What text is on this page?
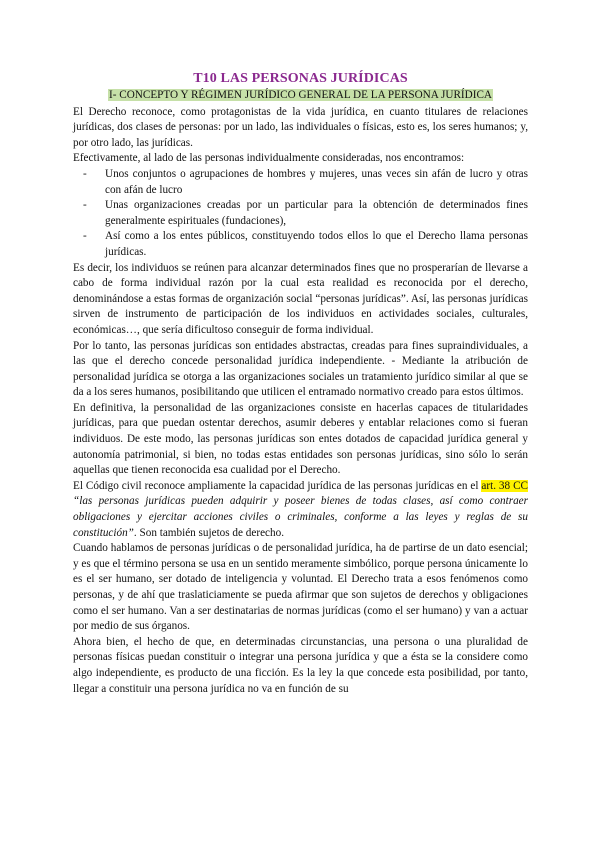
T10 LAS PERSONAS JURÍDICAS
I- CONCEPTO Y RÉGIMEN JURÍDICO GENERAL DE LA PERSONA JURÍDICA

El Derecho reconoce, como protagonistas de la vida jurídica, en cuanto titulares de relaciones jurídicas, dos clases de personas: por un lado, las individuales o físicas, esto es, los seres humanos; y, por otro lado, las jurídicas.

Efectivamente, al lado de las personas individualmente consideradas, nos encontramos:

- Unos conjuntos o agrupaciones de hombres y mujeres, unas veces sin afán de lucro y otras con afán de lucro
- Unas organizaciones creadas por un particular para la obtención de determinados fines generalmente espirituales (fundaciones),
- Así como a los entes públicos, constituyendo todos ellos lo que el Derecho llama personas jurídicas.

Es decir, los individuos se reúnen para alcanzar determinados fines que no prosperarían de llevarse a cabo de forma individual razón por la cual esta realidad es reconocida por el derecho, denominándose a estas formas de organización social “personas jurídicas”. Así, las personas jurídicas sirven de instrumento de participación de los individuos en actividades sociales, culturales, económicas…, que sería dificultoso conseguir de forma individual.

Por lo tanto, las personas jurídicas son entidades abstractas, creadas para fines supraindividuales, a las que el derecho concede personalidad jurídica independiente. - Mediante la atribución de personalidad jurídica se otorga a las organizaciones sociales un tratamiento jurídico similar al que se da a los seres humanos, posibilitando que utilicen el entramado normativo creado para estos últimos.

En definitiva, la personalidad de las organizaciones consiste en hacerlas capaces de titularidades jurídicas, para que puedan ostentar derechos, asumir deberes y entablar relaciones como si fueran individuos. De este modo, las personas jurídicas son entes dotados de capacidad jurídica general y autonomía patrimonial, si bien, no todas estas entidades son personas jurídicas, sino sólo lo serán aquellas que tienen reconocida esa cualidad por el Derecho.

El Código civil reconoce ampliamente la capacidad jurídica de las personas jurídicas en el art. 38 CC “las personas jurídicas pueden adquirir y poseer bienes de todas clases, así como contraer obligaciones y ejercitar acciones civiles o criminales, conforme a las leyes y reglas de su constitución”. Son también sujetos de derecho.

Cuando hablamos de personas jurídicas o de personalidad jurídica, ha de partirse de un dato esencial; y es que el término persona se usa en un sentido meramente simbólico, porque persona únicamente lo es el ser humano, ser dotado de inteligencia y voluntad. El Derecho trata a esos fenómenos como personas, y de ahí que traslaticiamente se pueda afirmar que son sujetos de derechos y obligaciones como el ser humano. Van a ser destinatarias de normas jurídicas (como el ser humano) y van a actuar por medio de sus órganos.

Ahora bien, el hecho de que, en determinadas circunstancias, una persona o una pluralidad de personas físicas puedan constituir o integrar una persona jurídica y que a ésta se la considere como algo independiente, es producto de una ficción. Es la ley la que concede esta posibilidad, por tanto, llegar a constituir una persona jurídica no va en función de su
